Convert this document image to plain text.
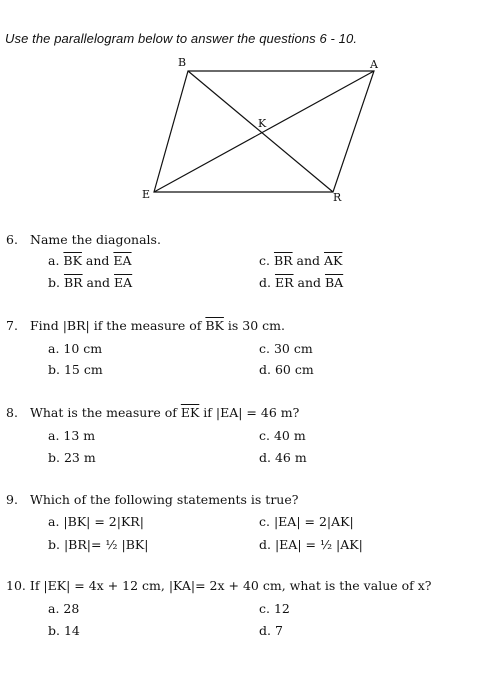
Use the parallelogram below to answer the questions 6 - 10.
B	A
E	R
K
6. Name the diagonals.
a. $\overline{BK}$ and $\overline{EA}$	c. $\overline{BR}$ and $\overline{AK}$
b. $\overline{BR}$ and $\overline{EA}$	d. $\overline{ER}$ and $\overline{BA}$
7. Find |BR| if the measure of $\overline{BK}$ is 30 cm.
a. 10 cm	c. 30 cm
b. 15 cm	d. 60 cm
8. What is the measure of $\overline{EK}$ if |EA| = 46 m?
a. 13 m	c. 40 m
b. 23 m	d. 46 m
9. Which of the following statements is true?
a. |BK| = 2|KR|	c. |EA| = 2|AK|
b. |BR|= ½ |BK|	d. |EA| = ½ |AK|
10. If |EK| = 4x + 12 cm, |KA|= 2x + 40 cm, what is the value of x?
a. 28	c. 12
b. 14	d. 7
